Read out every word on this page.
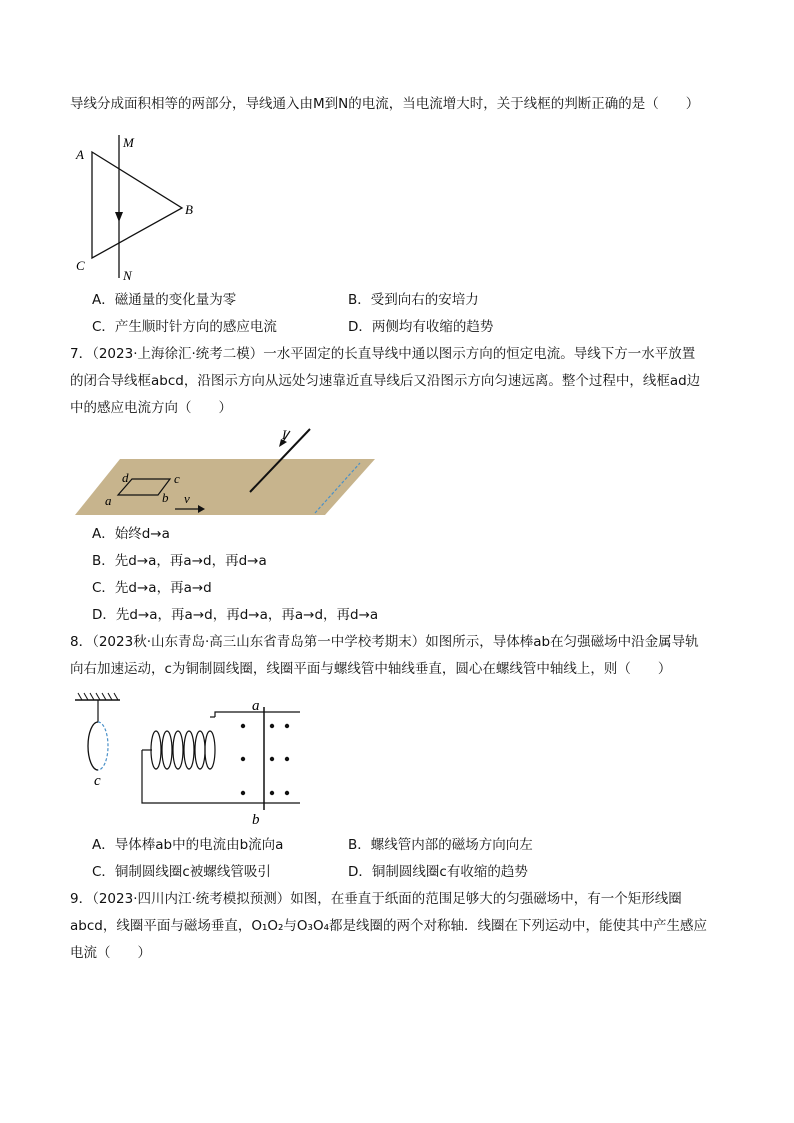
导线分成面积相等的两部分，导线通入由M到N的电流，当电流增大时，关于线框的判断正确的是（　　）
A
B
C
M
N
A．磁通量的变化量为零	B．受到向右的安培力
C．产生顺时针方向的感应电流	D．两侧均有收缩的趋势
7．（2023·上海徐汇·统考二模）一水平固定的长直导线中通以图示方向的恒定电流。导线下方一水平放置
的闭合导线框abcd，沿图示方向从远处匀速靠近直导线后又沿图示方向匀速远离。整个过程中，线框ad边
中的感应电流方向（　　）
I
d	c
a	b v
A．始终d→a
B．先d→a，再a→d，再d→a
C．先d→a，再a→d
D．先d→a，再a→d，再d→a，再a→d，再d→a
8．（2023秋·山东青岛·高三山东省青岛第一中学校考期末）如图所示，导体棒ab在匀强磁场中沿金属导轨
向右加速运动，c为铜制圆线圈，线圈平面与螺线管中轴线垂直，圆心在螺线管中轴线上，则（　　）
c
a
b
A．导体棒ab中的电流由b流向a	B．螺线管内部的磁场方向向左
C．铜制圆线圈c被螺线管吸引	D．铜制圆线圈c有收缩的趋势
9．（2023·四川内江·统考模拟预测）如图，在垂直于纸面的范围足够大的匀强磁场中，有一个矩形线圈
abcd，线圈平面与磁场垂直，O₁O₂与O₃O₄都是线圈的两个对称轴．线圈在下列运动中，能使其中产生感应
电流（　　）
